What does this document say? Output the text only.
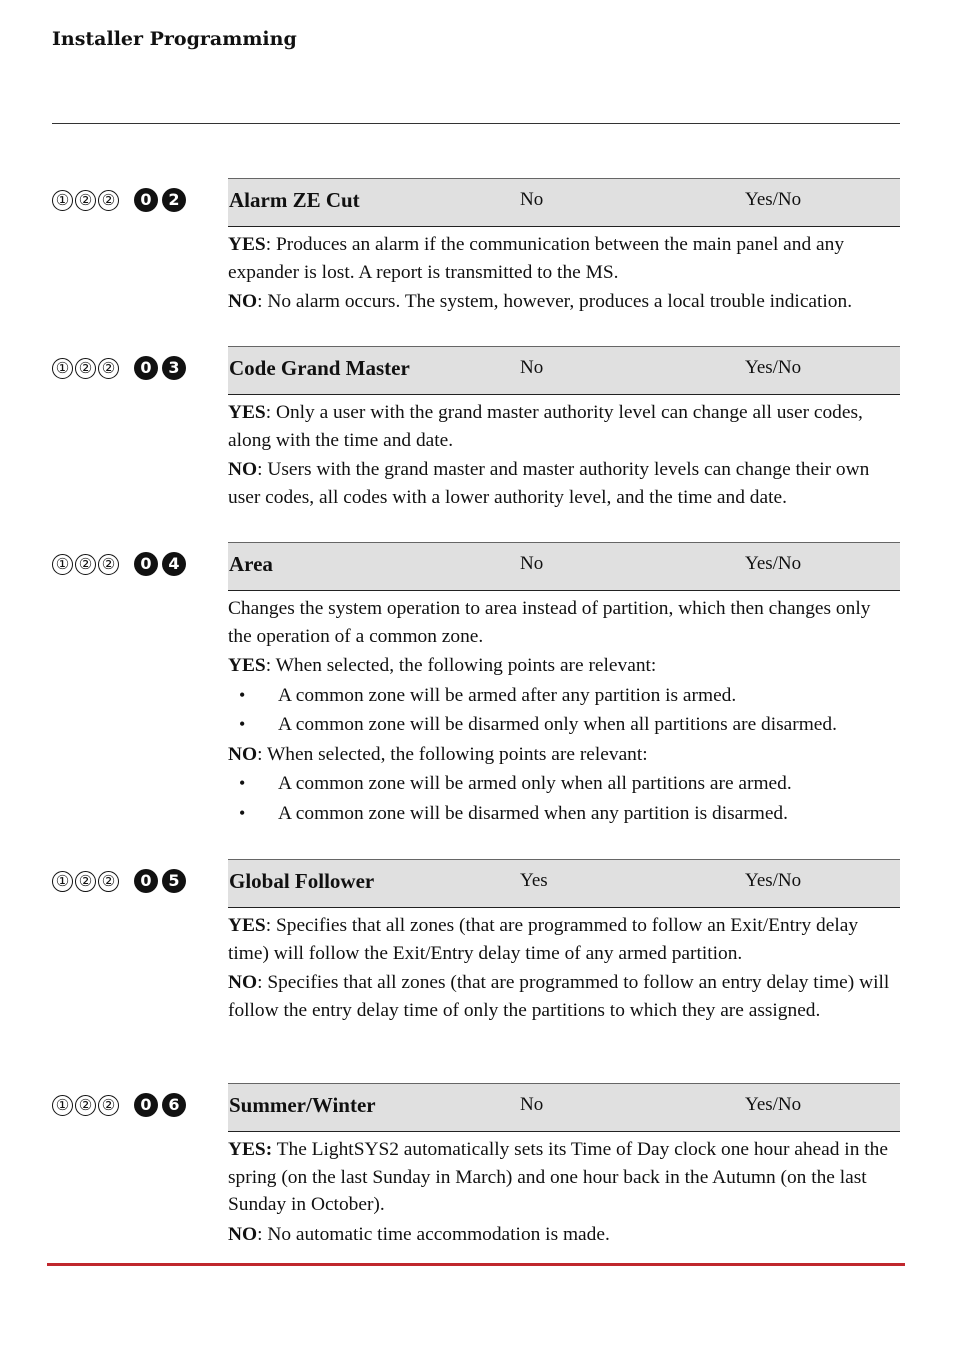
Installer Programming
① ② ②	0	2	Alarm ZE Cut	No	Yes/No

YES: Produces an alarm if the communication between the main panel and any expander is lost. A report is transmitted to the MS.

NO: No alarm occurs. The system, however, produces a local trouble indication.

① ② ②	0	3	Code Grand Master	No	Yes/No

YES: Only a user with the grand master authority level can change all user codes, along with the time and date.

NO: Users with the grand master and master authority levels can change their own user codes, all codes with a lower authority level, and the time and date.

① ② ②	0	4	Area	No	Yes/No

Changes the system operation to area instead of partition, which then changes only the operation of a common zone.

YES: When selected, the following points are relevant:

• A common zone will be armed after any partition is armed.
• A common zone will be disarmed only when all partitions are disarmed.

NO: When selected, the following points are relevant:

• A common zone will be armed only when all partitions are armed.
• A common zone will be disarmed when any partition is disarmed.
① ② ②	0	5	Global Follower	Yes	Yes/No

YES: Specifies that all zones (that are programmed to follow an Exit/Entry delay time) will follow the Exit/Entry delay time of any armed partition.

NO: Specifies that all zones (that are programmed to follow an entry delay time) will follow the entry delay time of only the partitions to which they are assigned.

① ② ②	0	6	Summer/Winter	No	Yes/No

YES: The LightSYS2 automatically sets its Time of Day clock one hour ahead in the spring (on the last Sunday in March) and one hour back in the Autumn (on the last Sunday in October).

NO: No automatic time accommodation is made.
